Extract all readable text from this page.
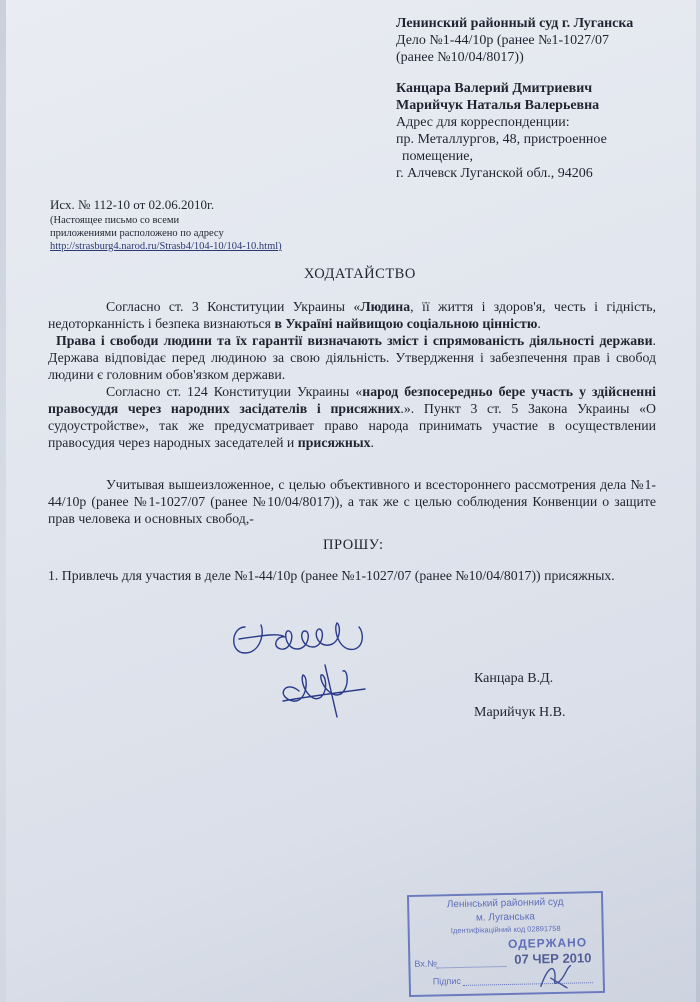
Ленинский районный суд г. Луганска
Дело №1-44/10р (ранее №1-1027/07
(ранее №10/04/8017))
Канцара Валерий Дмитриевич
Марийчук Наталья Валерьевна
Адрес для корреспонденции:
пр. Металлургов, 48, пристроенное
помещение,
г. Алчевск Луганской обл., 94206
Исх. № 112-10 от 02.06.2010г.
(Настоящее письмо со всеми
приложениями расположено по адресу
http://strasburg4.narod.ru/Strasb4/104-10/104-10.html)
ХОДАТАЙСТВО

Согласно ст. 3 Конституции Украины «Людина, її життя і здоров'я, честь і гідність, недоторканність і безпека визнаються в Україні найвищою соціальною цінністю.

Права і свободи людини та їх гарантії визначають зміст і спрямованість діяльності держави. Держава відповідає перед людиною за свою діяльність. Утвердження і забезпечення прав і свобод людини є головним обов'язком держави.

Согласно ст. 124 Конституции Украины «народ безпосередньо бере участь у здійсненні правосуддя через народних засідателів і присяжних.». Пункт 3 ст. 5 Закона Украины «О судоустройстве», так же предусматривает право народа принимать участие в осуществлении правосудия через народных заседателей и присяжных.

Учитывая вышеизложенное, с целью объективного и всестороннего рассмотрения дела №1-44/10р (ранее №1-1027/07 (ранее №10/04/8017)), а так же с целью соблюдения Конвенции о защите прав человека и основных свобод,-

ПРОШУ:
1. Привлечь для участия в деле №1-44/10р (ранее №1-1027/07 (ранее №10/04/8017)) присяжных.
Канцара В.Д.
Марийчук Н.В.
Ленінський районний суд
м. Луганська
Ідентифікаційний код 02891758
ОДЕРЖАНО
Вх.№	07 ЧЕР 2010
Підпис
